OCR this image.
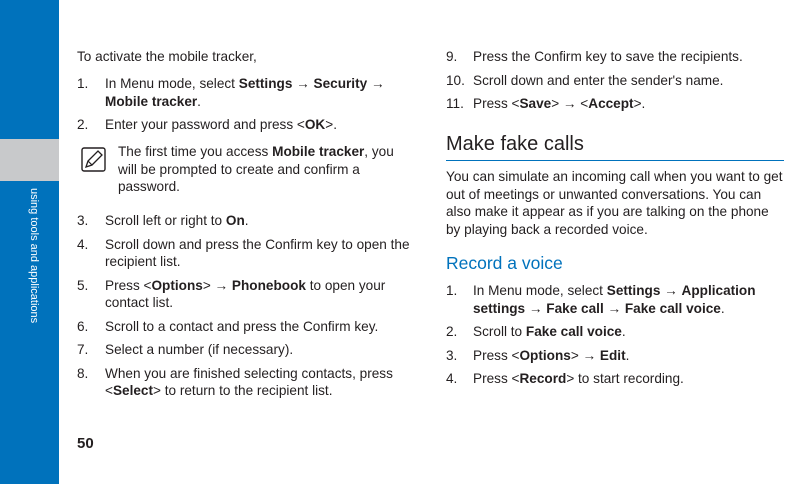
using tools and applications
50

To activate the mobile tracker,

1. In Menu mode, select Settings → Security → Mobile tracker.
2. Enter your password and press <OK>.
The first time you access Mobile tracker, you will be prompted to create and confirm a password.
3. Scroll left or right to On.
4. Scroll down and press the Confirm key to open the recipient list.
5. Press <Options> → Phonebook to open your contact list.
6. Scroll to a contact and press the Confirm key.
7. Select a number (if necessary).
8. When you are finished selecting contacts, press <Select> to return to the recipient list.
9. Press the Confirm key to save the recipients.
10. Scroll down and enter the sender's name.
11. Press <Save> → <Accept>.
Make fake calls

You can simulate an incoming call when you want to get out of meetings or unwanted conversations. You can also make it appear as if you are talking on the phone by playing back a recorded voice.

Record a voice
1. In Menu mode, select Settings → Application settings → Fake call → Fake call voice.
2. Scroll to Fake call voice.
3. Press <Options> → Edit.
4. Press <Record> to start recording.
